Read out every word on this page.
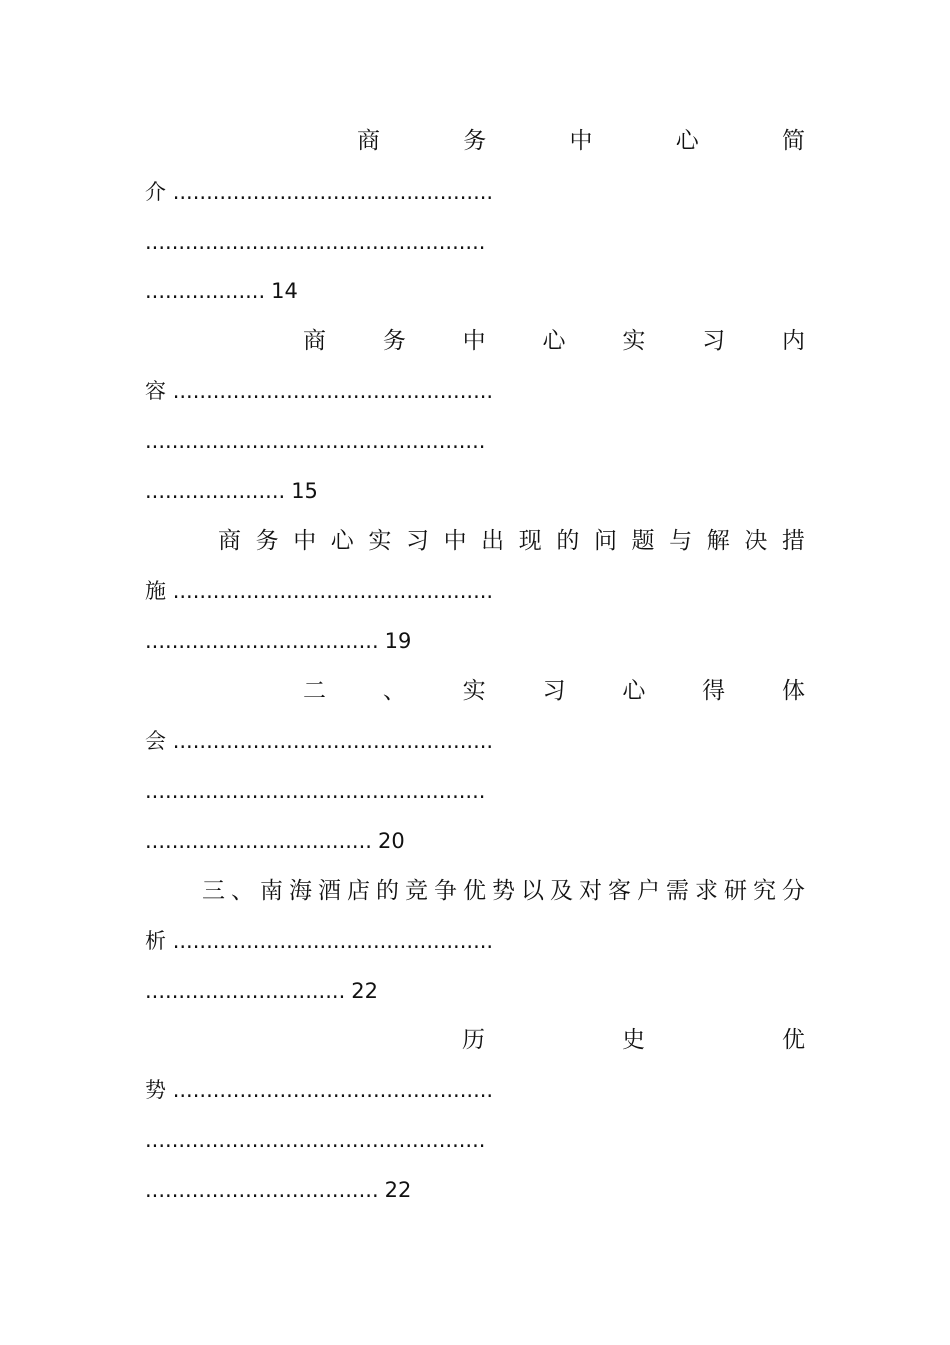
商	务	中	心	简
介 ................................................
...................................................
.................. 14
商 务 中 心 实 习 内
容 ................................................
...................................................
..................... 15
商 务 中 心 实 习 中 出 现 的 问 题 与 解 决 措
施 ................................................
................................... 19
二 、 实 习 心 得 体
会 ................................................
...................................................
.................................. 20
三 、 南 海 酒 店 的 竞 争 优 势 以 及 对 客 户 需 求 研 究 分
析 ................................................
.............................. 22
历	史	优
势 ................................................
...................................................
................................... 22
